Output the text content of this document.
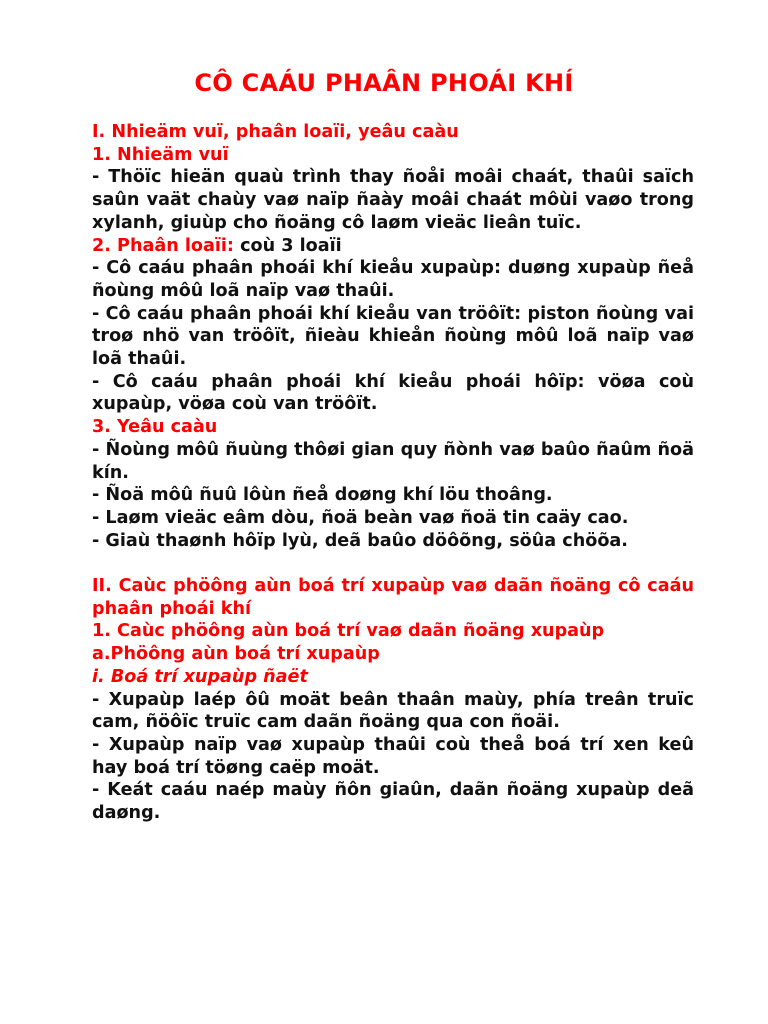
CÔ CAÁU PHAÂN PHOÁI KHÍ

I. Nhieäm vuï, phaân loaïi, yeâu caàu

1. Nhieäm vuï

- Thöïc hieän quaù trình thay ñoåi moâi chaát, thaûi saïch saûn vaät chaùy vaø naïp ñaày moâi chaát môùi vaøo trong xylanh, giuùp cho ñoäng cô laøm vieäc lieân tuïc.

2. Phaân loaïi: coù 3 loaïi

- Cô caáu phaân phoái khí kieåu xupaùp: duøng xupaùp ñeå ñoùng môû loã naïp vaø thaûi.

- Cô caáu phaân phoái khí kieåu van tröôït: piston ñoùng vai troø nhö van tröôït, ñieàu khieån ñoùng môû loã naïp vaø loã thaûi.

- Cô caáu phaân phoái khí kieåu phoái hôïp: vöøa coù xupaùp, vöøa coù van tröôït.

3. Yeâu caàu

- Ñoùng môû ñuùng thôøi gian quy ñònh vaø baûo ñaûm ñoä kín.

- Ñoä môû ñuû lôùn ñeå doøng khí löu thoâng.

- Laøm vieäc eâm dòu, ñoä beàn vaø ñoä tin caäy cao.

- Giaù thaønh hôïp lyù, deã baûo döôõng, söûa chöõa.

II. Caùc phöông aùn boá trí xupaùp vaø daãn ñoäng cô caáu phaân phoái khí

1. Caùc phöông aùn boá trí vaø daãn ñoäng xupaùp

a.Phöông aùn boá trí xupaùp

i. Boá trí xupaùp ñaët

- Xupaùp laép ôû moät beân thaân maùy, phía treân truïc cam, ñöôïc truïc cam daãn ñoäng qua con ñoäi.

- Xupaùp naïp vaø xupaùp thaûi coù theå boá trí xen keû hay boá trí töøng caëp moät.

- Keát caáu naép maùy ñôn giaûn, daãn ñoäng xupaùp deã daøng.
